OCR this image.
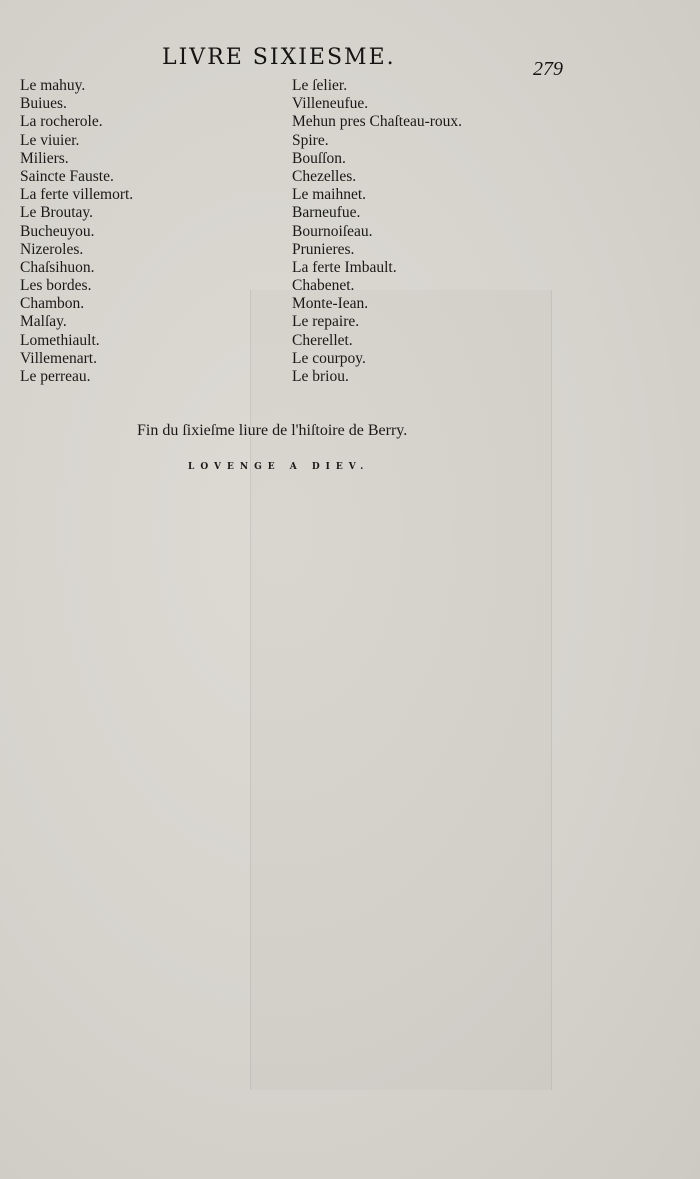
LIVRE SIXIESME.	279
Le mahuy.
Buiues.
La rocherole.
Le viuier.
Miliers.
Saincte Fauste.
La ferte villemort.
Le Broutay.
Bucheuyou.
Nizeroles.
Chaſsihuon.
Les bordes.
Chambon.
Malſay.
Lomethiault.
Villemenart.
Le perreau.
Le ſelier.
Villeneufue.
Mehun pres Chaſteau-roux.
Spire.
Bouſſon.
Chezelles.
Le maihnet.
Barneufue.
Bournoiſeau.
Prunieres.
La ferte Imbault.
Chabenet.
Monte-Iean.
Le repaire.
Cherellet.
Le courpoy.
Le briou.
Fin du ſixieſme liure de l'hiſtoire de Berry.
LOVENGE A DIEV.
